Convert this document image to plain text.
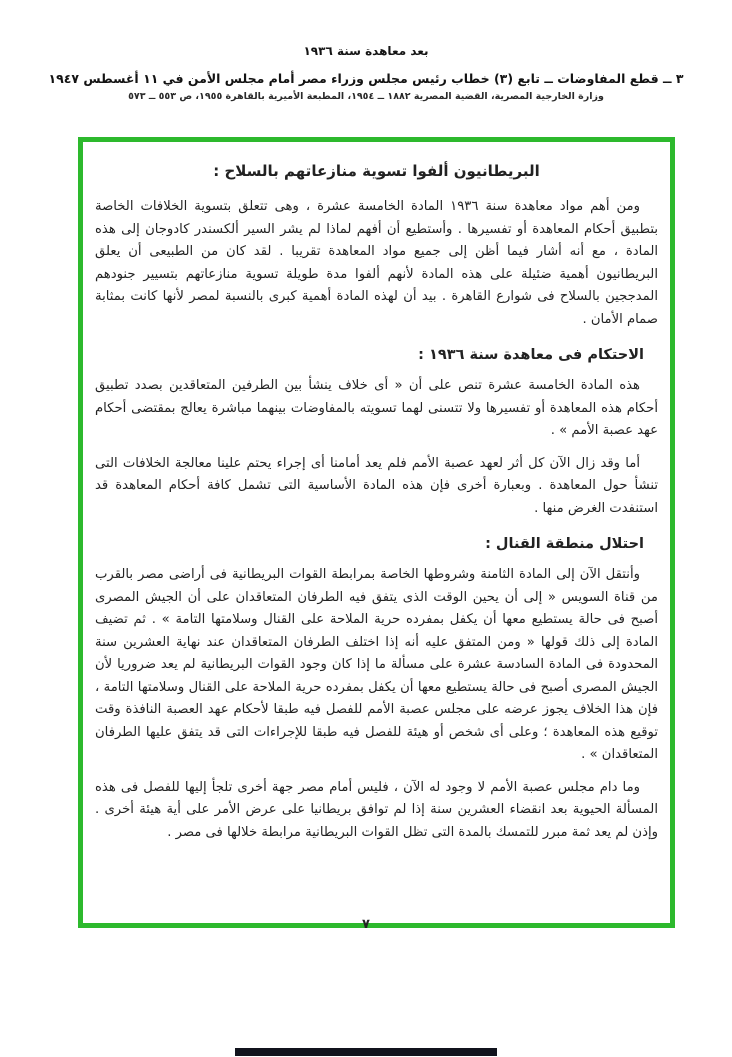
بعد معاهدة سنة ١٩٣٦
٣ ــ قطع المفاوضات ــ تابع (٣) خطاب رئيس مجلس وزراء مصر أمام مجلس الأمن في ١١ أغسطس ١٩٤٧
وزارة الخارجية المصرية، القضية المصرية ١٨٨٢ ــ ١٩٥٤، المطبعة الأميرية بالقاهرة ١٩٥٥، ص ٥٥٣ ــ ٥٧٣
البريطانيون ألفوا تسوية منازعاتهم بالسلاح :

ومن أهم مواد معاهدة سنة ١٩٣٦ المادة الخامسة عشرة ، وهى تتعلق بتسوية الخلافات الخاصة بتطبيق أحكام المعاهدة أو تفسيرها . وأستطيع أن أفهم لماذا لم يشر السير ألكسندر كادوجان إلى هذه المادة ، مع أنه أشار فيما أظن إلى جميع مواد المعاهدة تقريبا . لقد كان من الطبيعى أن يعلق البريطانيون أهمية ضئيلة على هذه المادة لأنهم ألفوا مدة طويلة تسوية منازعاتهم بتسيير جنودهم المدججين بالسلاح فى شوارع القاهرة . بيد أن لهذه المادة أهمية كبرى بالنسبة لمصر لأنها كانت بمثابة صمام الأمان .

الاحتكام فى معاهدة سنة ١٩٣٦ :

هذه المادة الخامسة عشرة تنص على أن « أى خلاف ينشأ بين الطرفين المتعاقدين بصدد تطبيق أحكام هذه المعاهدة أو تفسيرها ولا تتسنى لهما تسويته بالمفاوضات بينهما مباشرة يعالج بمقتضى أحكام عهد عصبة الأمم » .

أما وقد زال الآن كل أثر لعهد عصبة الأمم فلم يعد أمامنا أى إجراء يحتم علينا معالجة الخلافات التى تنشأ حول المعاهدة . وبعبارة أخرى فإن هذه المادة الأساسية التى تشمل كافة أحكام المعاهدة قد استنفدت الغرض منها .

احتلال منطقة القنال :

وأنتقل الآن إلى المادة الثامنة وشروطها الخاصة بمرابطة القوات البريطانية فى أراضى مصر بالقرب من قناة السويس « إلى أن يحين الوقت الذى يتفق فيه الطرفان المتعاقدان على أن الجيش المصرى أصبح فى حالة يستطيع معها أن يكفل بمفرده حرية الملاحة على القنال وسلامتها التامة » . ثم تضيف المادة إلى ذلك قولها « ومن المتفق عليه أنه إذا اختلف الطرفان المتعاقدان عند نهاية العشرين سنة المحدودة فى المادة السادسة عشرة على مسألة ما إذا كان وجود القوات البريطانية لم يعد ضروريا لأن الجيش المصرى أصبح فى حالة يستطيع معها أن يكفل بمفرده حرية الملاحة على القنال وسلامتها التامة ، فإن هذا الخلاف يجوز عرضه على مجلس عصبة الأمم للفصل فيه طبقا لأحكام عهد العصبة النافذة وقت توقيع هذه المعاهدة ؛ وعلى أى شخص أو هيئة للفصل فيه طبقا للإجراءات التى قد يتفق عليها الطرفان المتعاقدان » .

وما دام مجلس عصبة الأمم لا وجود له الآن ، فليس أمام مصر جهة أخرى تلجأ إليها للفصل فى هذه المسألة الحيوية بعد انقضاء العشرين سنة إذا لم توافق بريطانيا على عرض الأمر على أية هيئة أخرى . وإذن لم يعد ثمة مبرر للتمسك بالمدة التى تظل القوات البريطانية مرابطة خلالها فى مصر .

٧
